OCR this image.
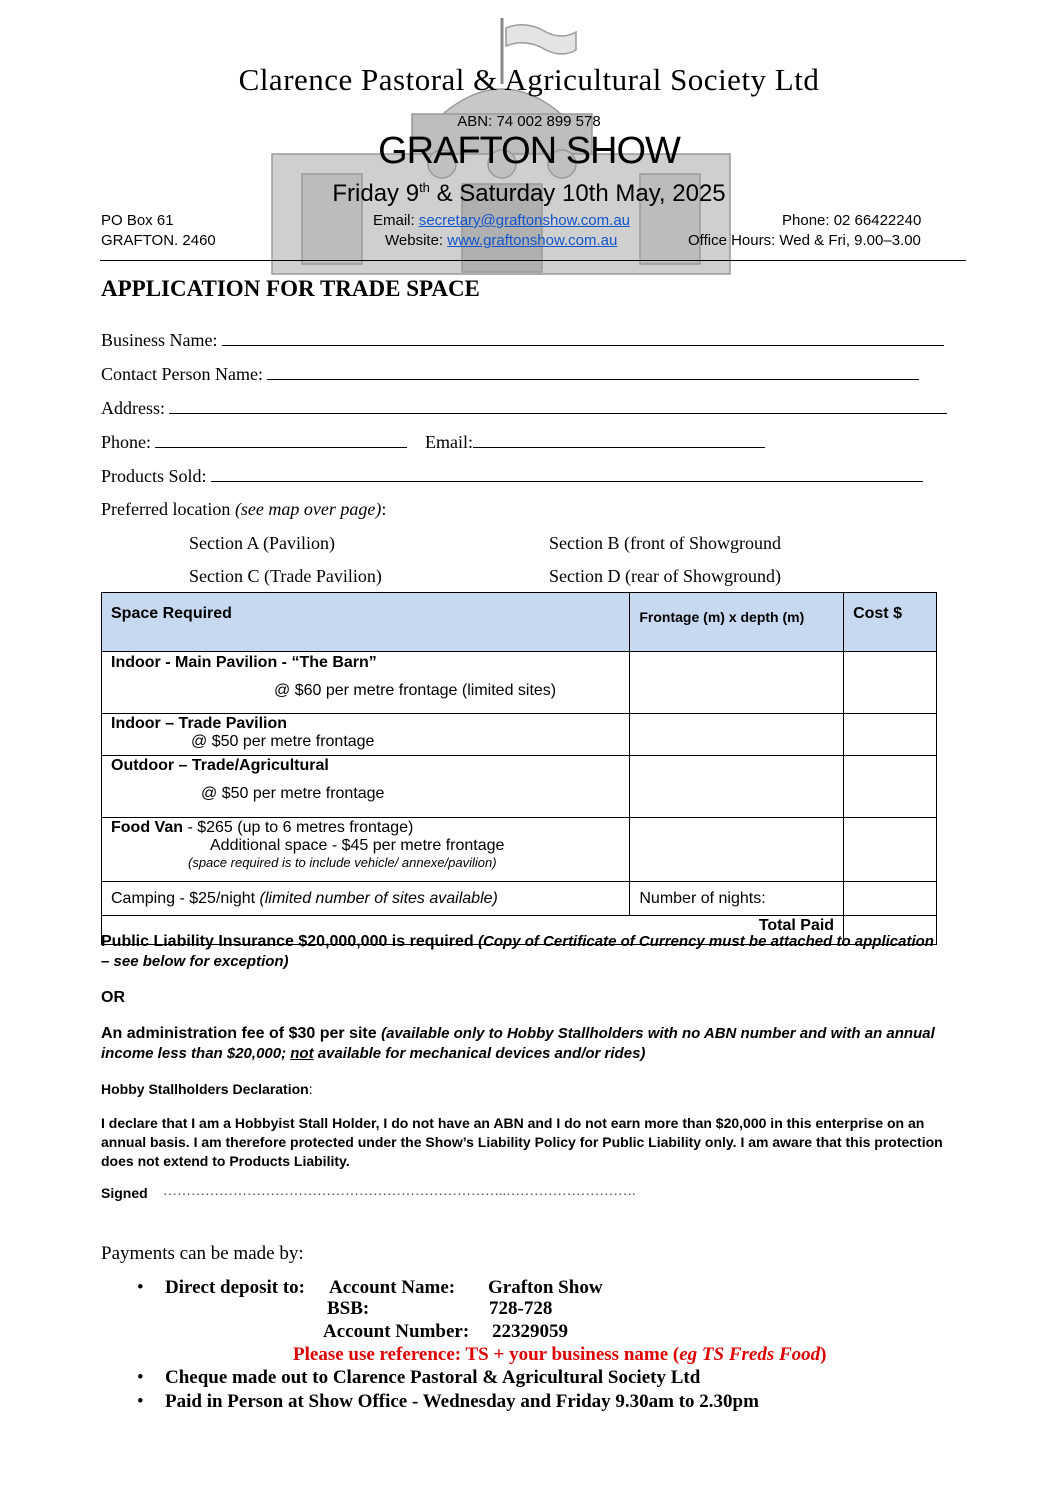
Clarence Pastoral & Agricultural Society Ltd
ABN: 74 002 899 578
GRAFTON SHOW
Friday 9th & Saturday 10th May, 2025
PO Box 61
GRAFTON. 2460
Email: secretary@graftonshow.com.au
Website: www.graftonshow.com.au
Phone: 02 66422240
Office Hours: Wed & Fri, 9.00–3.00
APPLICATION FOR TRADE SPACE
Business Name:
Contact Person Name:
Address:
Phone:	Email:
Products Sold:
Preferred location (see map over page):
Section A (Pavilion)	Section B (front of Showground
Section C (Trade Pavilion)	Section D (rear of Showground)
Space Required	Frontage (m) x depth (m)	Cost $

Indoor - Main Pavilion - “The Barn”
@ $60 per metre frontage (limited sites)		

Indoor – Trade Pavilion
@ $50 per metre frontage		

Outdoor – Trade/Agricultural
@ $50 per metre frontage		

Food Van - $265 (up to 6 metres frontage)
Additional space - $45 per metre frontage
(space required is to include vehicle/ annexe/pavilion)		

Camping - $25/night (limited number of sites available)	Number of nights:	
Total Paid		
Public Liability Insurance $20,000,000 is required (Copy of Certificate of Currency must be attached to application – see below for exception)
OR
An administration fee of $30 per site (available only to Hobby Stallholders with no ABN number and with an annual income less than $20,000; not available for mechanical devices and/or rides)
Hobby Stallholders Declaration:
I declare that I am a Hobbyist Stall Holder, I do not have an ABN and I do not earn more than $20,000 in this enterprise on an annual basis. I am therefore protected under the Show’s Liability Policy for Public Liability only. I am aware that this protection does not extend to Products Liability.
Signed ………………………………………………………………..……………………….
Payments can be made by:
• Direct deposit to: Account Name: Grafton Show
BSB:	728-728
Account Number: 22329059
Please use reference: TS + your business name (eg TS Freds Food)
• Cheque made out to Clarence Pastoral & Agricultural Society Ltd
• Paid in Person at Show Office - Wednesday and Friday 9.30am to 2.30pm
